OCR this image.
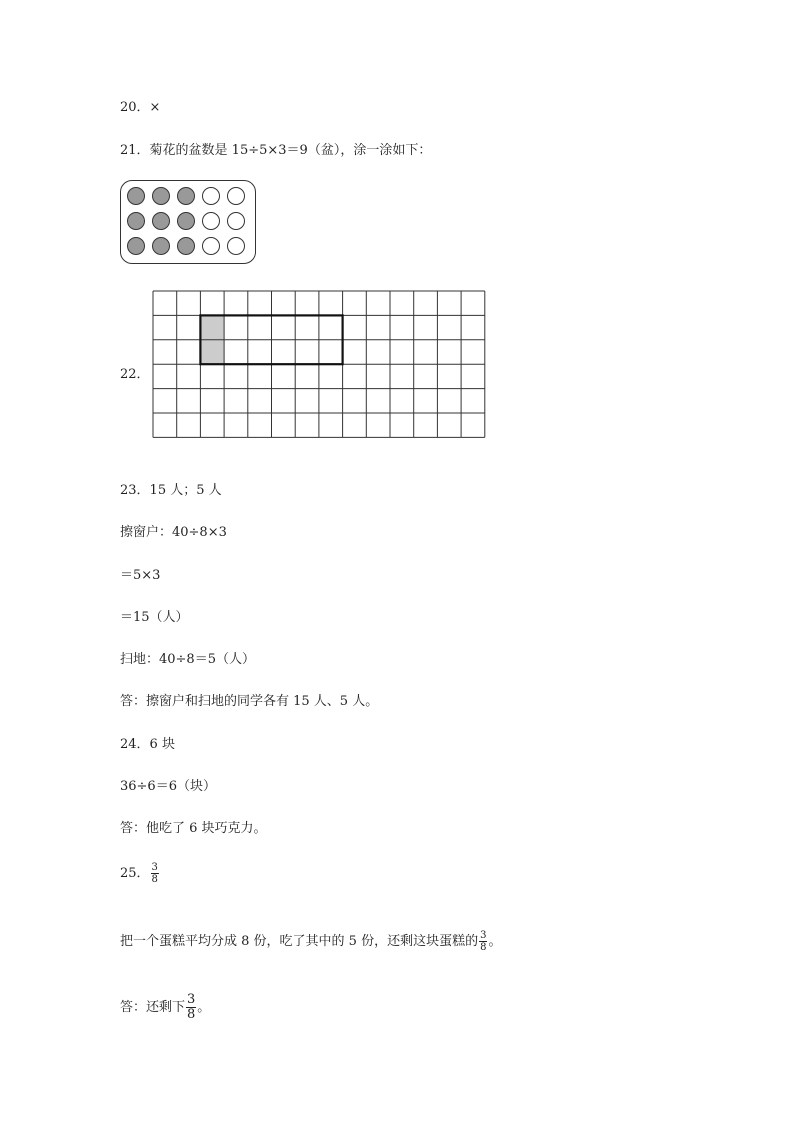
20．×
21．菊花的盆数是 15÷5×3＝9（盆），涂一涂如下：
22．
23．15 人；5 人
擦窗户：40÷8×3
＝5×3
＝15（人）
扫地：40÷8＝5（人）
答：擦窗户和扫地的同学各有 15 人、5 人。
24．6 块
36÷6＝6（块）
答：他吃了 6 块巧克力。
25． $\frac{3}{8}$
把一个蛋糕平均分成 8 份，吃了其中的 5 份，还剩这块蛋糕的 $\frac{3}{8}$ 。
答：还剩下 $\frac{3}{8}$ 。
